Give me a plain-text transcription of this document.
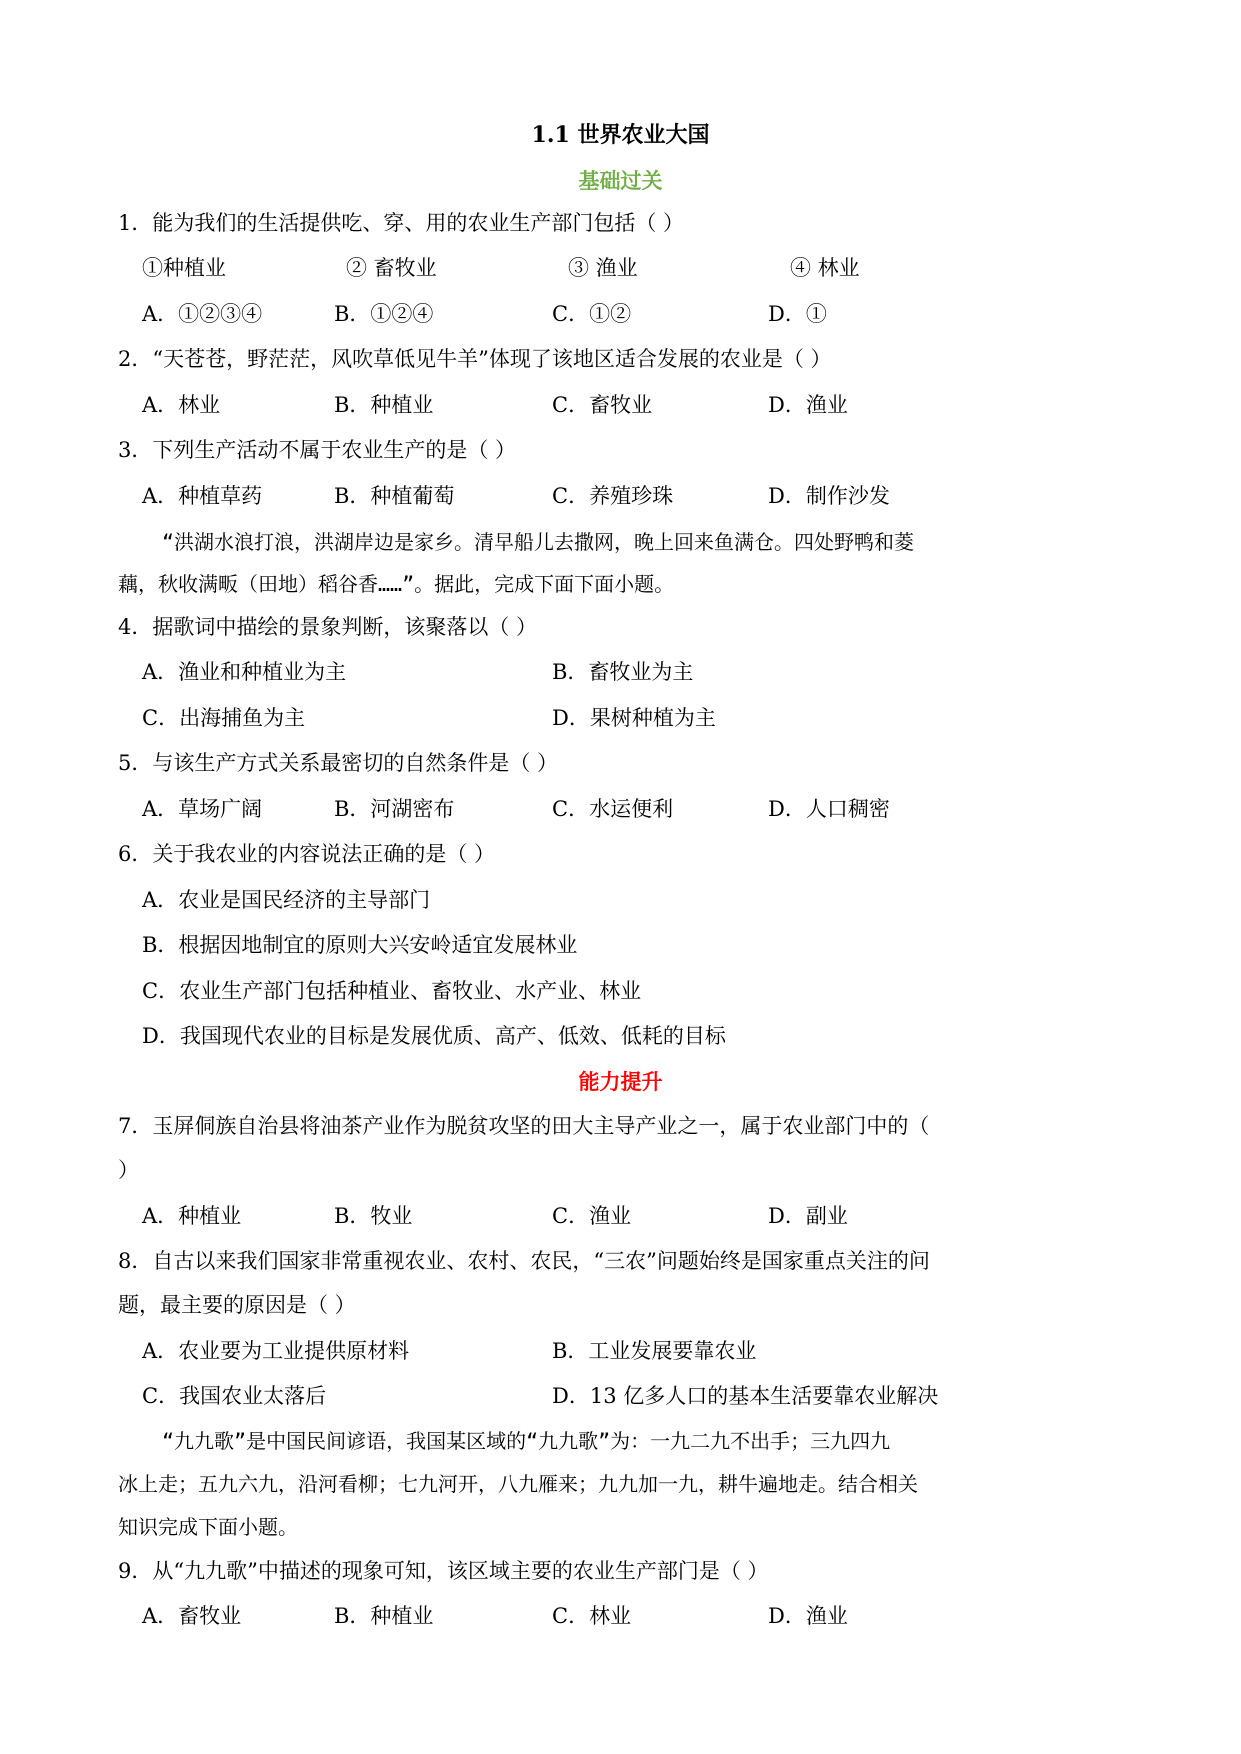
1.1 世界农业大国
基础过关
1．能为我们的生活提供吃、穿、用的农业生产部门包括（ ）
①种植业	② 畜牧业	③ 渔业	④ 林业
A．①②③④	B．①②④	C．①②	D．①
2．“天苍苍，野茫茫，风吹草低见牛羊”体现了该地区适合发展的农业是（ ）
A．林业	B．种植业	C．畜牧业	D．渔业
3．下列生产活动不属于农业生产的是（ ）
A．种植草药	B．种植葡萄	C．养殖珍珠	D．制作沙发
“洪湖水浪打浪，洪湖岸边是家乡。清早船儿去撒网，晚上回来鱼满仓。四处野鸭和菱
藕，秋收满畈（田地）稻谷香……”。据此，完成下面下面小题。
4．据歌词中描绘的景象判断，该聚落以（ ）
A．渔业和种植业为主	B．畜牧业为主
C．出海捕鱼为主	D．果树种植为主
5．与该生产方式关系最密切的自然条件是（ ）
A．草场广阔	B．河湖密布	C．水运便利	D．人口稠密
6．关于我农业的内容说法正确的是（ ）
A．农业是国民经济的主导部门
B．根据因地制宜的原则大兴安岭适宜发展林业
C．农业生产部门包括种植业、畜牧业、水产业、林业
D．我国现代农业的目标是发展优质、高产、低效、低耗的目标
能力提升
7．玉屏侗族自治县将油茶产业作为脱贫攻坚的田大主导产业之一，属于农业部门中的（
）
A．种植业	B．牧业	C．渔业	D．副业
8．自古以来我们国家非常重视农业、农村、农民，“三农”问题始终是国家重点关注的问
题，最主要的原因是（ ）
A．农业要为工业提供原材料	B．工业发展要靠农业
C．我国农业太落后	D．13 亿多人口的基本生活要靠农业解决
“九九歌”是中国民间谚语，我国某区域的“九九歌”为：一九二九不出手；三九四九
冰上走；五九六九，沿河看柳；七九河开，八九雁来；九九加一九，耕牛遍地走。结合相关
知识完成下面小题。
9．从“九九歌”中描述的现象可知，该区域主要的农业生产部门是（ ）
A．畜牧业	B．种植业	C．林业	D．渔业
